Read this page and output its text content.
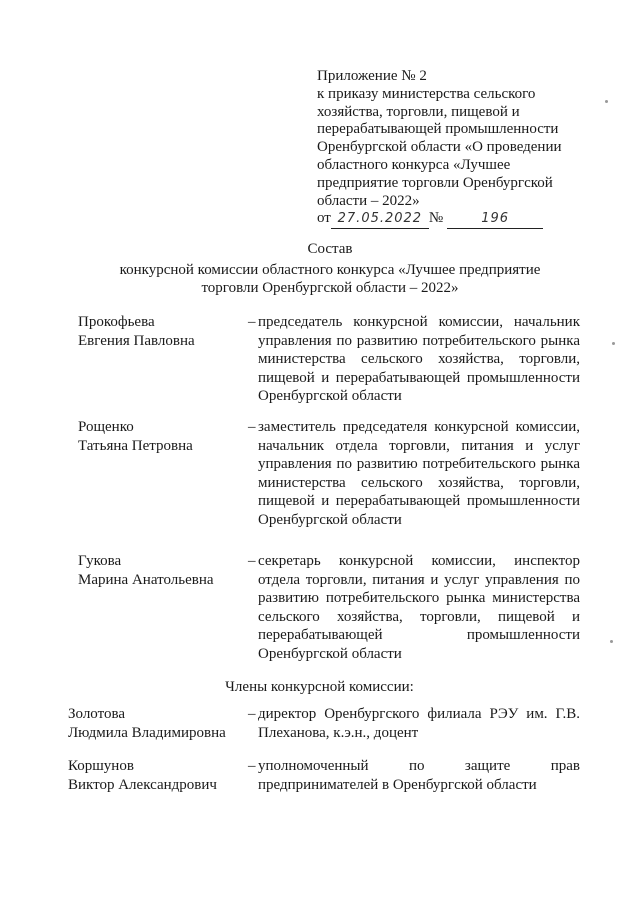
Приложение № 2
к приказу министерства сельского
хозяйства, торговли, пищевой и
перерабатывающей промышленности
Оренбургской области «О проведении
областного конкурса «Лучшее
предприятие торговли Оренбургской
области – 2022»
от 27.05.2022 №	196
Состав
конкурсной комиссии областного конкурса «Лучшее предприятие
торговли Оренбургской области – 2022»
Прокофьева
Евгения Павловна
– председатель конкурсной комиссии, начальник управления по развитию потребительского рынка министерства сельского хозяйства, торговли, пищевой и перерабатывающей промышленности Оренбургской области
Рощенко
Татьяна Петровна
– заместитель председателя конкурсной комиссии, начальник отдела торговли, питания и услуг управления по развитию потребительского рынка министерства сельского хозяйства, торговли, пищевой и перерабатывающей промышленности Оренбургской области
Гукова
Марина Анатольевна
– секретарь конкурсной комиссии, инспектор отдела торговли, питания и услуг управления по развитию потребительского рынка министерства сельского хозяйства, торговли, пищевой и перерабатывающей промышленности Оренбургской области
Члены конкурсной комиссии:
Золотова
Людмила Владимировна
– директор Оренбургского филиала РЭУ им. Г.В. Плеханова, к.э.н., доцент
Коршунов
Виктор Александрович
– уполномоченный по защите прав предпринимателей в Оренбургской области
